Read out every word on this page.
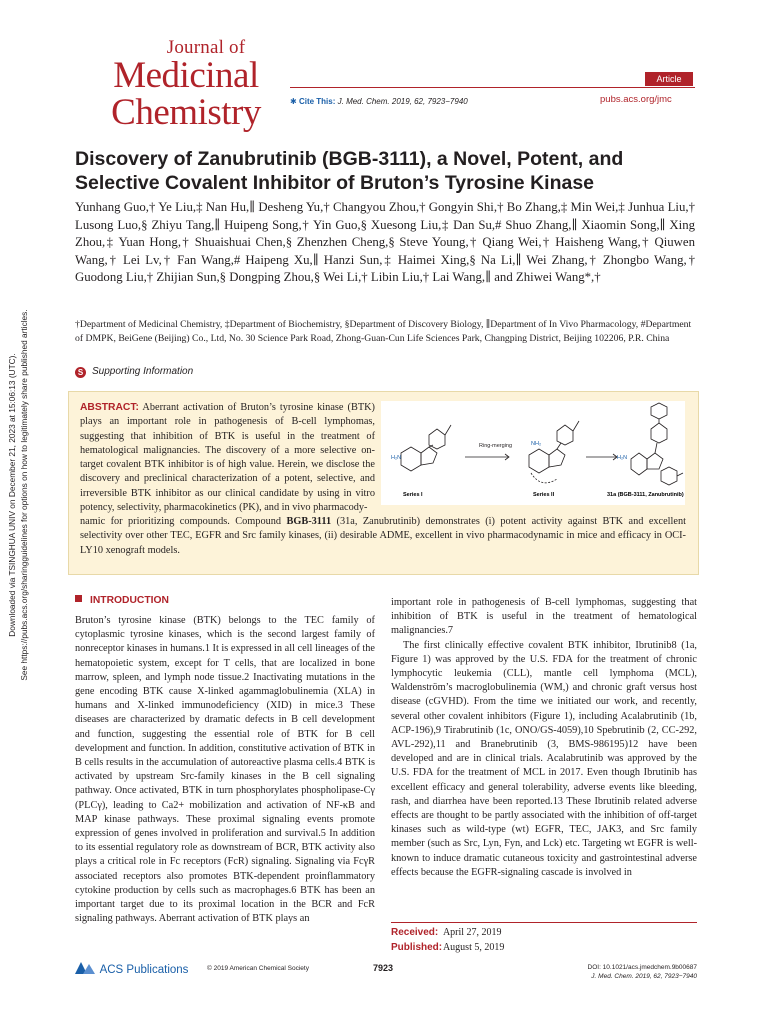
Downloaded via TSINGHUA UNIV on December 21, 2023 at 15:06:13 (UTC). See https://pubs.acs.org/sharingguidelines for options on how to legitimately share published articles.
Journal of
Medicinal
Chemistry
Article
✱ Cite This: J. Med. Chem. 2019, 62, 7923−7940	pubs.acs.org/jmc
Discovery of Zanubrutinib (BGB-3111), a Novel, Potent, and Selective Covalent Inhibitor of Bruton’s Tyrosine Kinase
Yunhang Guo,† Ye Liu,‡ Nan Hu,∥ Desheng Yu,† Changyou Zhou,† Gongyin Shi,† Bo Zhang,‡ Min Wei,‡ Junhua Liu,† Lusong Luo,§ Zhiyu Tang,∥ Huipeng Song,† Yin Guo,§ Xuesong Liu,‡ Dan Su,# Shuo Zhang,∥ Xiaomin Song,∥ Xing Zhou,‡ Yuan Hong,† Shuaishuai Chen,§ Zhenzhen Cheng,§ Steve Young,† Qiang Wei,† Haisheng Wang,† Qiuwen Wang,† Lei Lv,† Fan Wang,# Haipeng Xu,∥ Hanzi Sun,‡ Haimei Xing,§ Na Li,∥ Wei Zhang,† Zhongbo Wang,† Guodong Liu,† Zhijian Sun,§ Dongping Zhou,§ Wei Li,† Libin Liu,† Lai Wang,∥ and Zhiwei Wang*,†
†Department of Medicinal Chemistry, ‡Department of Biochemistry, §Department of Discovery Biology, ∥Department of In Vivo Pharmacology, #Department of DMPK, BeiGene (Beijing) Co., Ltd, No. 30 Science Park Road, Zhong-Guan-Cun Life Sciences Park, Changping District, Beijing 102206, P.R. China
S Supporting Information
ABSTRACT: Aberrant activation of Bruton’s tyrosine kinase (BTK) plays an important role in pathogenesis of B-cell lymphomas, suggesting that inhibition of BTK is useful in the treatment of hematological malignancies. The discovery of a more selective on-target covalent BTK inhibitor is of high value. Herein, we disclose the discovery and preclinical characterization of a potent, selective, and irreversible BTK inhibitor as our clinical candidate by using in vitro potency, selectivity, pharmacokinetics (PK), and in vivo pharmacody-
H₂N
NH₂
H₂N
Ring-merging
Series I	Series II	31a (BGB-3111, Zanubrutinib)
namic for prioritizing compounds. Compound BGB-3111 (31a, Zanubrutinib) demonstrates (i) potent activity against BTK and excellent selectivity over other TEC, EGFR and Src family kinases, (ii) desirable ADME, excellent in vivo pharmacodynamic in mice and efficacy in OCI-LY10 xenograft models.
INTRODUCTION

Bruton’s tyrosine kinase (BTK) belongs to the TEC family of cytoplasmic tyrosine kinases, which is the second largest family of nonreceptor kinases in humans.1 It is expressed in all cell lineages of the hematopoietic system, except for T cells, that are localized in bone marrow, spleen, and lymph node tissue.2 Inactivating mutations in the gene encoding BTK cause X-linked agammaglobulinemia (XLA) in humans and X-linked immunodeficiency (XID) in mice.3 These diseases are characterized by dramatic defects in B cell development and function, suggesting the essential role of BTK for B cell development and function. In addition, constitutive activation of BTK in B cells results in the accumulation of autoreactive plasma cells.4 BTK is activated by upstream Src-family kinases in the B cell signaling pathway. Once activated, BTK in turn phosphorylates phospholipase-Cγ (PLCγ), leading to Ca2+ mobilization and activation of NF-κB and MAP kinase pathways. These proximal signaling events promote expression of genes involved in proliferation and survival.5 In addition to its essential regulatory role as downstream of BCR, BTK activity also plays a critical role in Fc receptors (FcR) signaling. Signaling via FcγR associated receptors also promotes BTK-dependent proinflammatory cytokine production by cells such as macrophages.6 BTK has been an important target due to its proximal location in the BCR and FcR signaling pathways. Aberrant activation of BTK plays an

important role in pathogenesis of B-cell lymphomas, suggesting that inhibition of BTK is useful in the treatment of hematological malignancies.7

The first clinically effective covalent BTK inhibitor, Ibrutinib8 (1a, Figure 1) was approved by the U.S. FDA for the treatment of chronic lymphocytic leukemia (CLL), mantle cell lymphoma (MCL), Waldenström’s macroglobulinemia (WM,) and chronic graft versus host disease (cGVHD). From the time we initiated our work, and recently, several other covalent inhibitors (Figure 1), including Acalabrutinib (1b, ACP-196),9 Tirabrutinib (1c, ONO/GS-4059),10 Spebrutinib (2, CC-292, AVL-292),11 and Branebrutinib (3, BMS-986195)12 have been developed and are in clinical trials. Acalabrutinib was approved by the U.S. FDA for the treatment of MCL in 2017. Even though Ibrutinib has excellent efficacy and general tolerability, adverse events like bleeding, rash, and diarrhea have been reported.13 These Ibrutinib related adverse effects are thought to be partly associated with the inhibition of off-target kinases such as wild-type (wt) EGFR, TEC, JAK3, and Src family member (such as Src, Lyn, Fyn, and Lck) etc. Targeting wt EGFR is well-known to induce dramatic cutaneous toxicity and gastrointestinal adverse effects because the EGFR-signaling cascade is involved in

Received: April 27, 2019
Published: August 5, 2019
ACS Publications	© 2019 American Chemical Society	7923	DOI: 10.1021/acs.jmedchem.9b00687
J. Med. Chem. 2019, 62, 7923−7940
